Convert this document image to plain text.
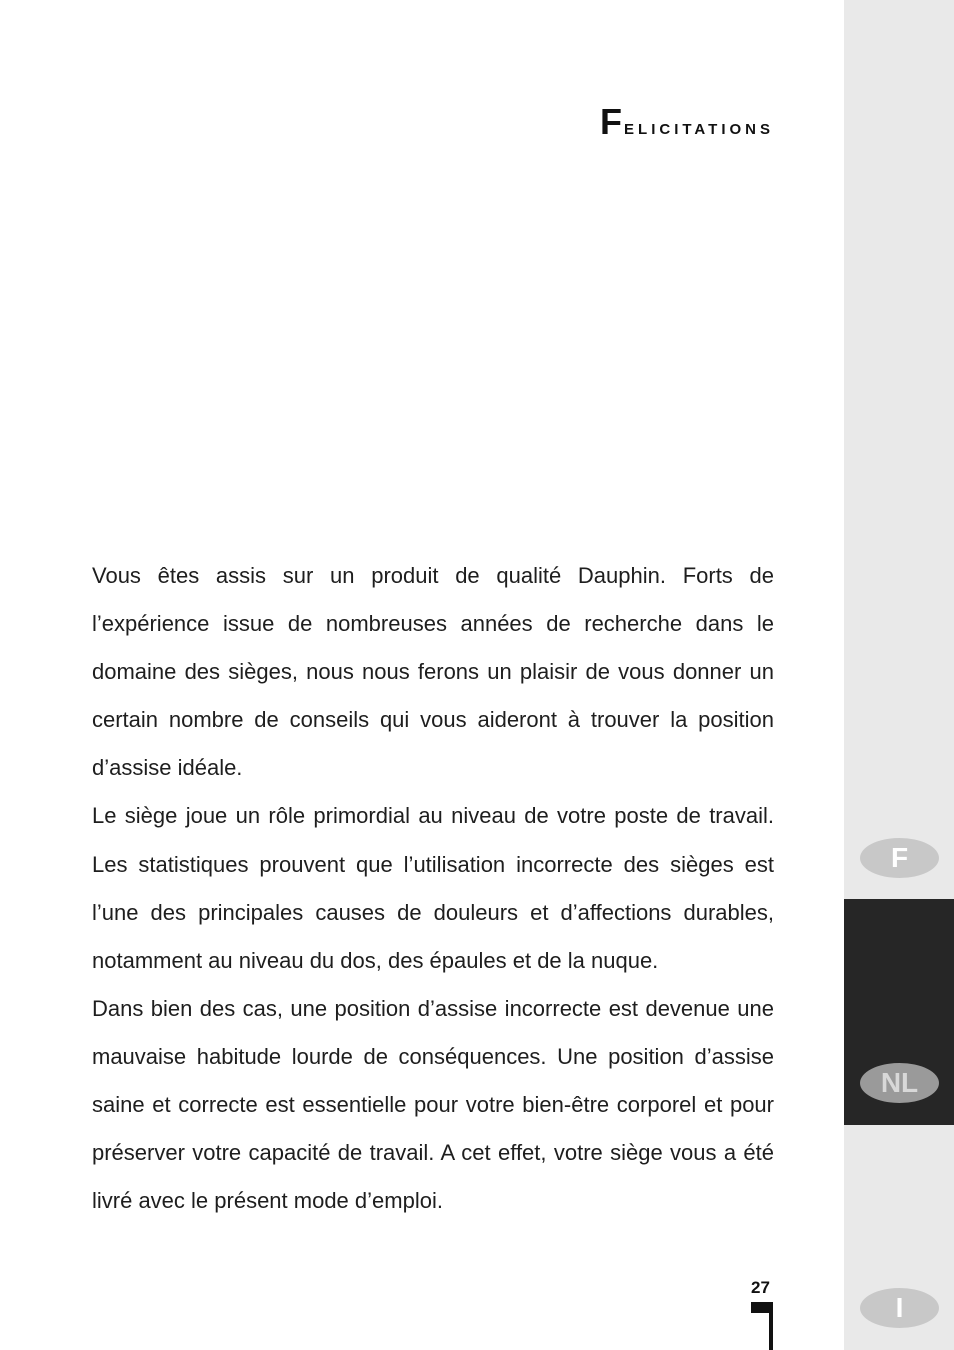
Felicitations

Vous êtes assis sur un produit de qualité Dauphin. Forts de l’expérience issue de nombreuses années de recherche dans le domaine des sièges, nous nous ferons un plaisir de vous donner un certain nombre de conseils qui vous aideront à trouver la position d’assise idéale.

Le siège joue un rôle primordial au niveau de votre poste de travail. Les statistiques prouvent que l’utilisation incorrecte des sièges est l’une des principales causes de douleurs et d’affections durables, notamment au niveau du dos, des épaules et de la nuque.

Dans bien des cas, une position d’assise incorrecte est devenue une mauvaise habitude lourde de conséquences. Une position d’assise saine et correcte est essentielle pour votre bien-être corporel et pour préserver votre capacité de travail. A cet effet, votre siège vous a été livré avec le présent mode d’emploi.

27
F
NL
I
